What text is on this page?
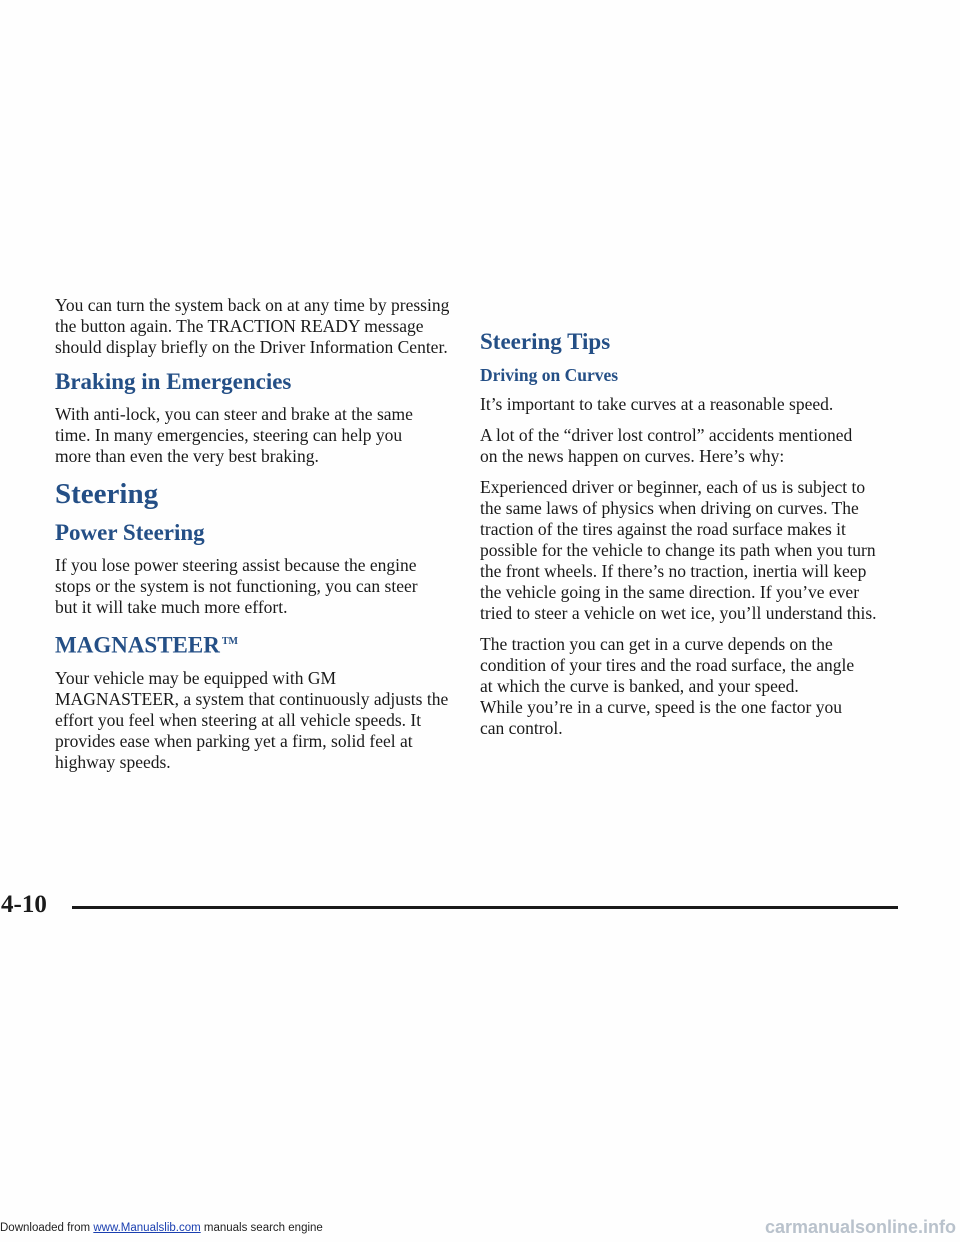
You can turn the system back on at any time by pressing
the button again. The TRACTION READY message
should display briefly on the Driver Information Center.

Braking in Emergencies

With anti-lock, you can steer and brake at the same
time. In many emergencies, steering can help you
more than even the very best braking.

Steering
Power Steering

If you lose power steering assist because the engine
stops or the system is not functioning, you can steer
but it will take much more effort.

MAGNASTEER ™

Your vehicle may be equipped with GM
MAGNASTEER, a system that continuously adjusts the
effort you feel when steering at all vehicle speeds. It
provides ease when parking yet a firm, solid feel at
highway speeds.

Steering Tips
Driving on Curves

It’s important to take curves at a reasonable speed.

A lot of the “driver lost control” accidents mentioned
on the news happen on curves. Here’s why:

Experienced driver or beginner, each of us is subject to
the same laws of physics when driving on curves. The
traction of the tires against the road surface makes it
possible for the vehicle to change its path when you turn
the front wheels. If there’s no traction, inertia will keep
the vehicle going in the same direction. If you’ve ever
tried to steer a vehicle on wet ice, you’ll understand this.

The traction you can get in a curve depends on the
condition of your tires and the road surface, the angle
at which the curve is banked, and your speed.
While you’re in a curve, speed is the one factor you
can control.

4-10
Downloaded from www.Manualslib.com manuals search engine	carmanualsonline.info
